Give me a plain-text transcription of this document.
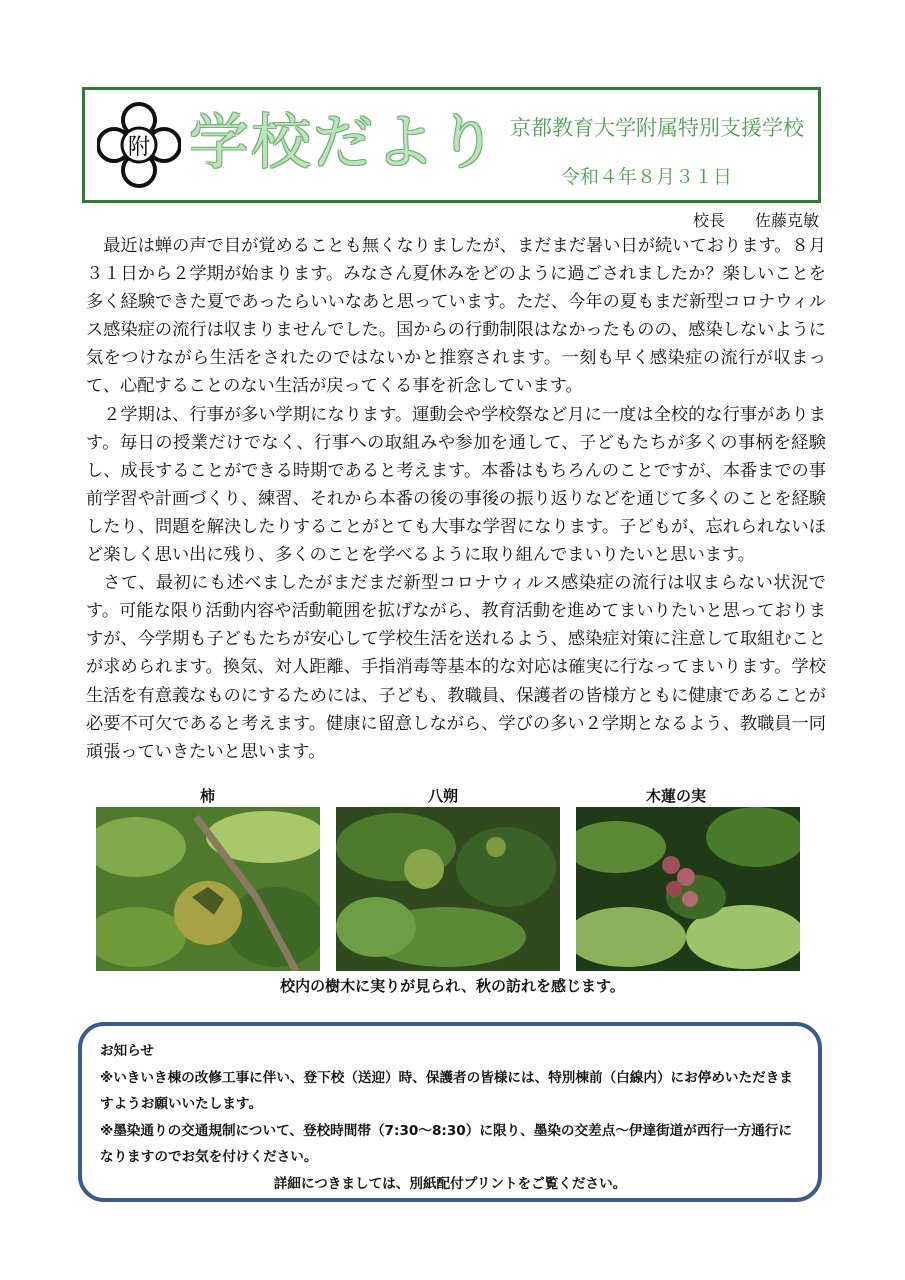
附 学校だより 京都教育大学附属特別支援学校
令和４年８月３１日
校長 佐藤克敏

最近は蝉の声で目が覚めることも無くなりましたが、まだまだ暑い日が続いております。８月３１日から２学期が始まります。みなさん夏休みをどのように過ごされましたか？楽しいことを多く経験できた夏であったらいいなあと思っています。ただ、今年の夏もまだ新型コロナウィルス感染症の流行は収まりませんでした。国からの行動制限はなかったものの、感染しないように気をつけながら生活をされたのではないかと推察されます。一刻も早く感染症の流行が収まって、心配することのない生活が戻ってくる事を祈念しています。

２学期は、行事が多い学期になります。運動会や学校祭など月に一度は全校的な行事があります。毎日の授業だけでなく、行事への取組みや参加を通して、子どもたちが多くの事柄を経験し、成長することができる時期であると考えます。本番はもちろんのことですが、本番までの事前学習や計画づくり、練習、それから本番の後の事後の振り返りなどを通じて多くのことを経験したり、問題を解決したりすることがとても大事な学習になります。子どもが、忘れられないほど楽しく思い出に残り、多くのことを学べるように取り組んでまいりたいと思います。

さて、最初にも述べましたがまだまだ新型コロナウィルス感染症の流行は収まらない状況です。可能な限り活動内容や活動範囲を拡げながら、教育活動を進めてまいりたいと思っておりますが、今学期も子どもたちが安心して学校生活を送れるよう、感染症対策に注意して取組むことが求められます。換気、対人距離、手指消毒等基本的な対応は確実に行なってまいります。学校生活を有意義なものにするためには、子ども、教職員、保護者の皆様方ともに健康であることが必要不可欠であると考えます。健康に留意しながら、学びの多い２学期となるよう、教職員一同頑張っていきたいと思います。

柿	八朔	木蓮の実
校内の樹木に実りが見られ、秋の訪れを感じます。
お知らせ
※いきいき棟の改修工事に伴い、登下校（送迎）時、保護者の皆様には、特別棟前（白線内）にお停めいただきますようお願いいたします。
※墨染通りの交通規制について、登校時間帯（7:30～8:30）に限り、墨染の交差点～伊達街道が西行一方通行になりますのでお気を付けください。
詳細につきましては、別紙配付プリントをご覧ください。
